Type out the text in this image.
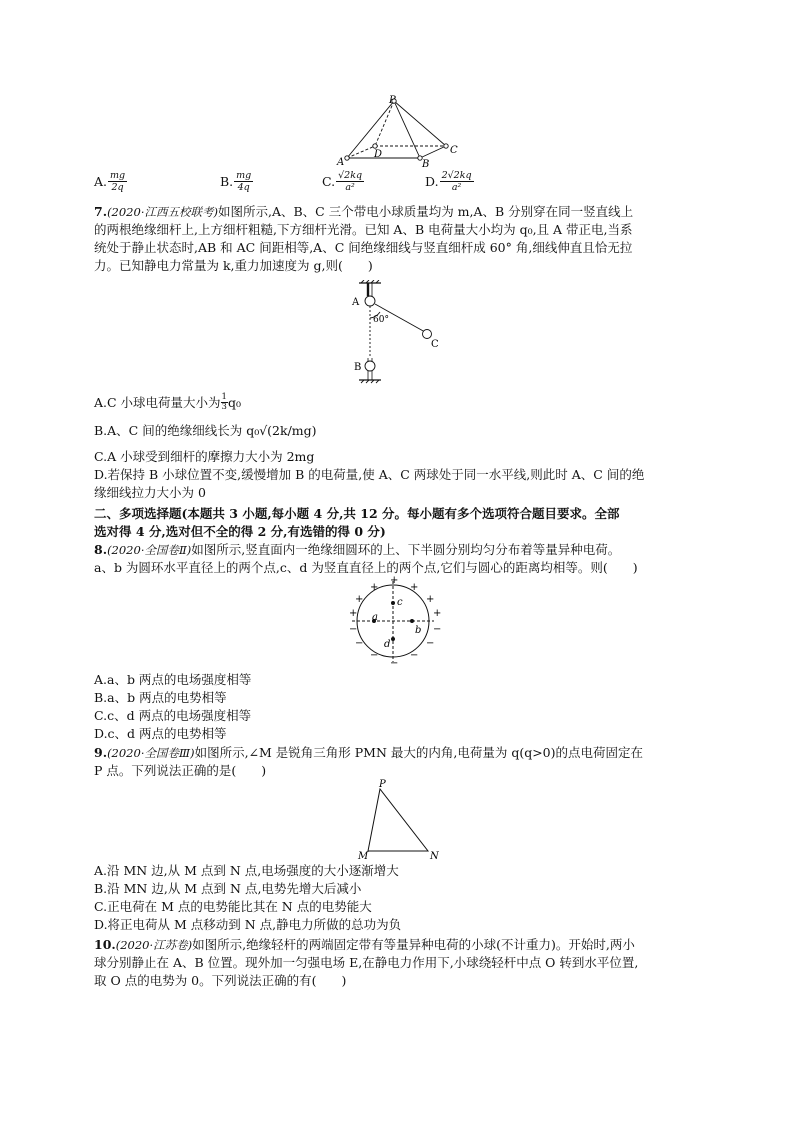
P
A	B
C
D
A. $\frac{mg}{2q}$	B. $\frac{mg}{4q}$	C. $\frac{√2kq}{\text{a²}}$	D. $\frac{2√2kq}{\text{a²}}$
7.(2020·江西五校联考)如图所示,A、B、C 三个带电小球质量均为 m,A、B 分别穿在同一竖直线上
的两根绝缘细杆上,上方细杆粗糙,下方细杆光滑。已知 A、B 电荷量大小均为 q₀,且 A 带正电,当系
统处于静止状态时,AB 和 AC 间距相等,A、C 间绝缘细线与竖直细杆成 60° 角,细线伸直且恰无拉
力。已知静电力常量为 k,重力加速度为 g,则(　　)
A
B
C
60°
A.C 小球电荷量大小为 $\frac{1}{3} q_0$
B.A、C 间的绝缘细线长为 q₀√(2k/mg)
C.A 小球受到细杆的摩擦力大小为 2mg
D.若保持 B 小球位置不变,缓慢增加 B 的电荷量,使 A、C 两球处于同一水平线,则此时 A、C 间的绝
缘细线拉力大小为 0
二、多项选择题(本题共 3 小题,每小题 4 分,共 12 分。每小题有多个选项符合题目要求。全部
选对得 4 分,选对但不全的得 2 分,有选错的得 0 分)
8.(2020·全国卷Ⅱ)如图所示,竖直面内一绝缘细圆环的上、下半圆分别均匀分布着等量异种电荷。
a、b 为圆环水平直径上的两个点,c、d 为竖直直径上的两个点,它们与圆心的距离均相等。则(　　)
a
b
c
d
+
+	+
+	+
+	+
−	−
−	−
−	−
−
A.a、b 两点的电场强度相等
B.a、b 两点的电势相等
C.c、d 两点的电场强度相等
D.c、d 两点的电势相等
9.(2020·全国卷Ⅲ)如图所示,∠M 是锐角三角形 PMN 最大的内角,电荷量为 q(q>0)的点电荷固定在
P 点。下列说法正确的是(　　)
P
M	N
A.沿 MN 边,从 M 点到 N 点,电场强度的大小逐渐增大
B.沿 MN 边,从 M 点到 N 点,电势先增大后减小
C.正电荷在 M 点的电势能比其在 N 点的电势能大
D.将正电荷从 M 点移动到 N 点,静电力所做的总功为负
10.(2020·江苏卷)如图所示,绝缘轻杆的两端固定带有等量异种电荷的小球(不计重力)。开始时,两小
球分别静止在 A、B 位置。现外加一匀强电场 E,在静电力作用下,小球绕轻杆中点 O 转到水平位置,
取 O 点的电势为 0。下列说法正确的有(　　)
